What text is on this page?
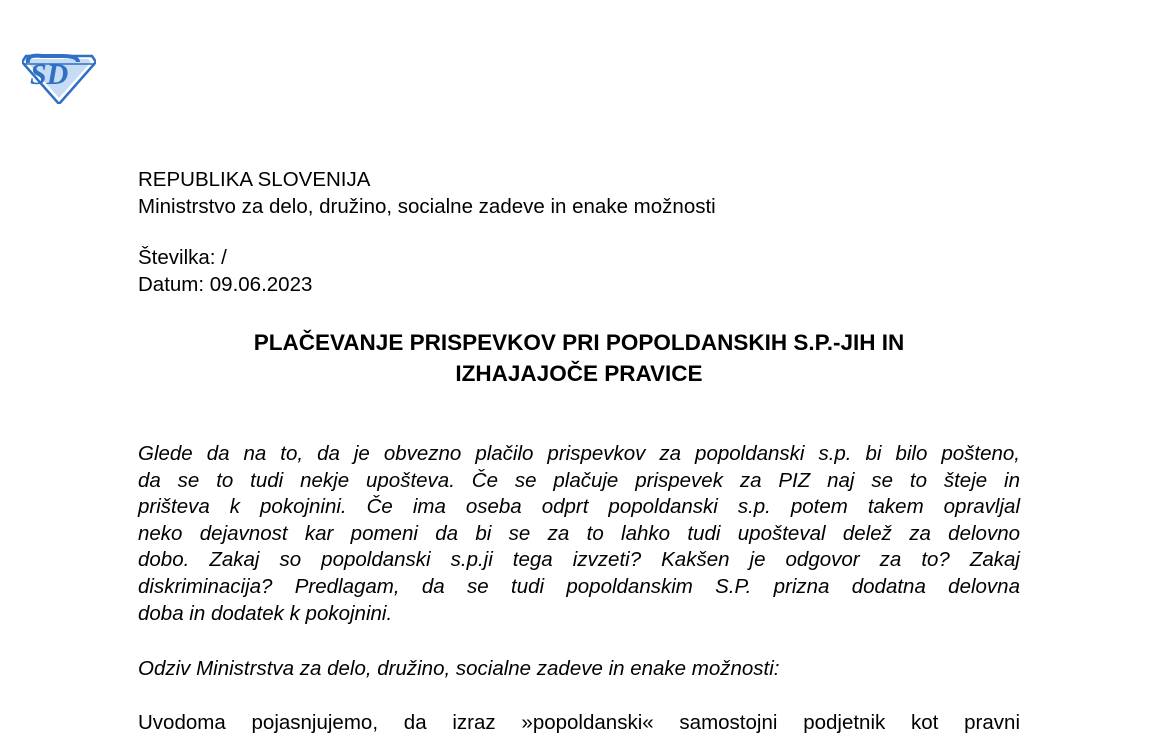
SD
REPUBLIKA SLOVENIJA
Ministrstvo za delo, družino, socialne zadeve in enake možnosti
Številka: /
Datum: 09.06.2023
PLAČEVANJE PRISPEVKOV PRI POPOLDANSKIH S.P.-JIH IN
IZHAJAJOČE PRAVICE
Glede da na to, da je obvezno plačilo prispevkov za popoldanski s.p. bi bilo pošteno,
da se to tudi nekje upošteva. Če se plačuje prispevek za PIZ naj se to šteje in
prišteva k pokojnini. Če ima oseba odprt popoldanski s.p. potem takem opravljal
neko dejavnost kar pomeni da bi se za to lahko tudi upošteval delež za delovno
dobo. Zakaj so popoldanski s.p.ji tega izvzeti? Kakšen je odgovor za to? Zakaj
diskriminacija? Predlagam, da se tudi popoldanskim S.P. prizna dodatna delovna
doba in dodatek k pokojnini.
Odziv Ministrstva za delo, družino, socialne zadeve in enake možnosti:
Uvodoma pojasnjujemo, da izraz »popoldanski« samostojni podjetnik kot pravni
